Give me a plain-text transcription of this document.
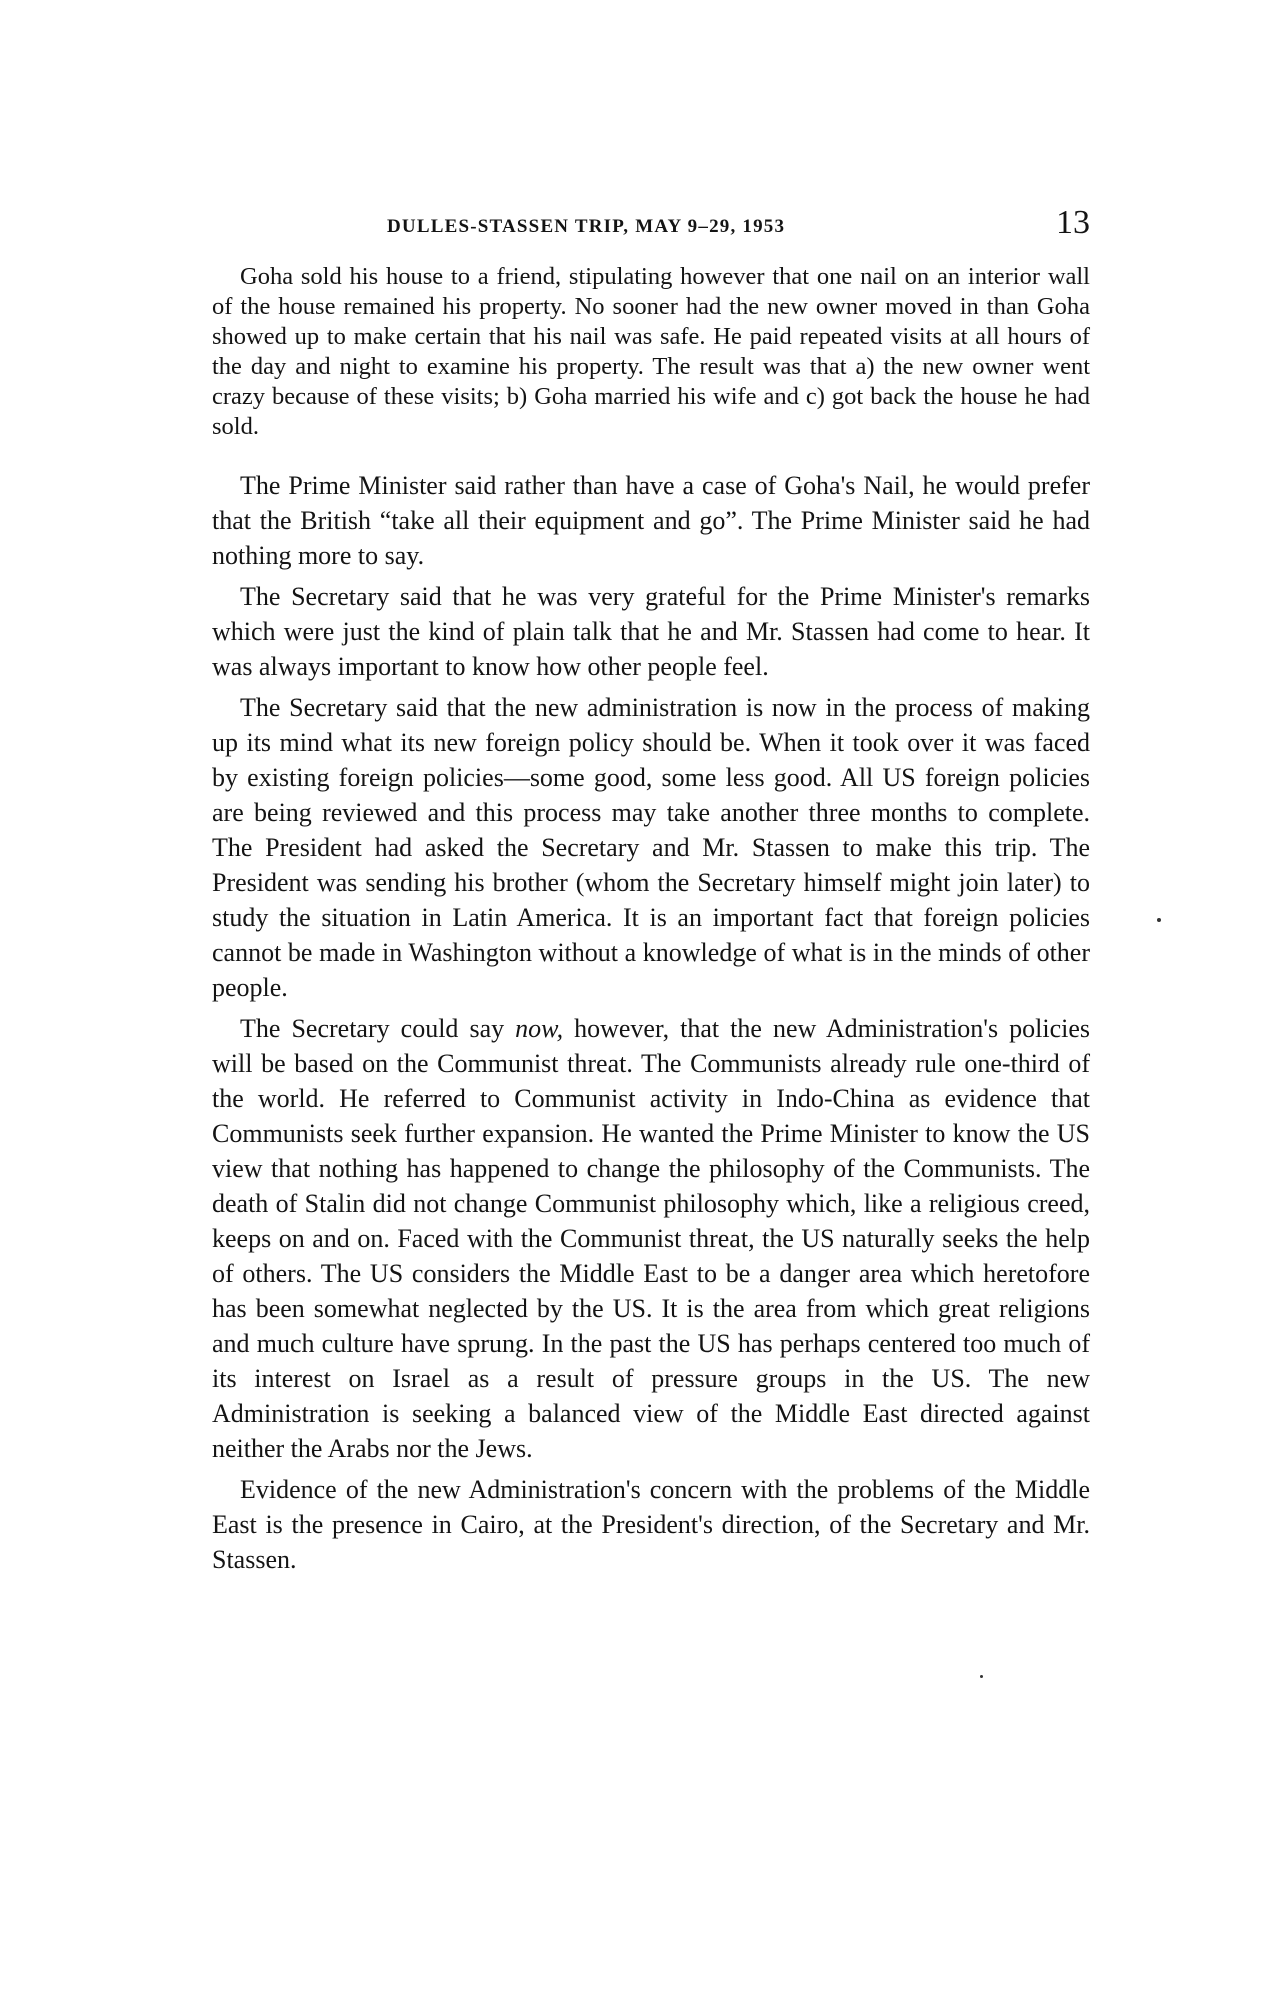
DULLES-STASSEN TRIP, MAY 9–29, 1953	13

Goha sold his house to a friend, stipulating however that one nail on an interior wall of the house remained his property. No sooner had the new owner moved in than Goha showed up to make certain that his nail was safe. He paid repeated visits at all hours of the day and night to examine his property. The result was that a) the new owner went crazy because of these visits; b) Goha married his wife and c) got back the house he had sold.

The Prime Minister said rather than have a case of Goha's Nail, he would prefer that the British “take all their equipment and go”. The Prime Minister said he had nothing more to say.

The Secretary said that he was very grateful for the Prime Minister's remarks which were just the kind of plain talk that he and Mr. Stassen had come to hear. It was always important to know how other people feel.

The Secretary said that the new administration is now in the process of making up its mind what its new foreign policy should be. When it took over it was faced by existing foreign policies—some good, some less good. All US foreign policies are being reviewed and this process may take another three months to complete. The President had asked the Secretary and Mr. Stassen to make this trip. The President was sending his brother (whom the Secretary himself might join later) to study the situation in Latin America. It is an important fact that foreign policies cannot be made in Washington without a knowledge of what is in the minds of other people.

The Secretary could say now, however, that the new Administration's policies will be based on the Communist threat. The Communists already rule one-third of the world. He referred to Communist activity in Indo-China as evidence that Communists seek further expansion. He wanted the Prime Minister to know the US view that nothing has happened to change the philosophy of the Communists. The death of Stalin did not change Communist philosophy which, like a religious creed, keeps on and on. Faced with the Communist threat, the US naturally seeks the help of others. The US considers the Middle East to be a danger area which heretofore has been somewhat neglected by the US. It is the area from which great religions and much culture have sprung. In the past the US has perhaps centered too much of its interest on Israel as a result of pressure groups in the US. The new Administration is seeking a balanced view of the Middle East directed against neither the Arabs nor the Jews.

Evidence of the new Administration's concern with the problems of the Middle East is the presence in Cairo, at the President's direction, of the Secretary and Mr. Stassen.
